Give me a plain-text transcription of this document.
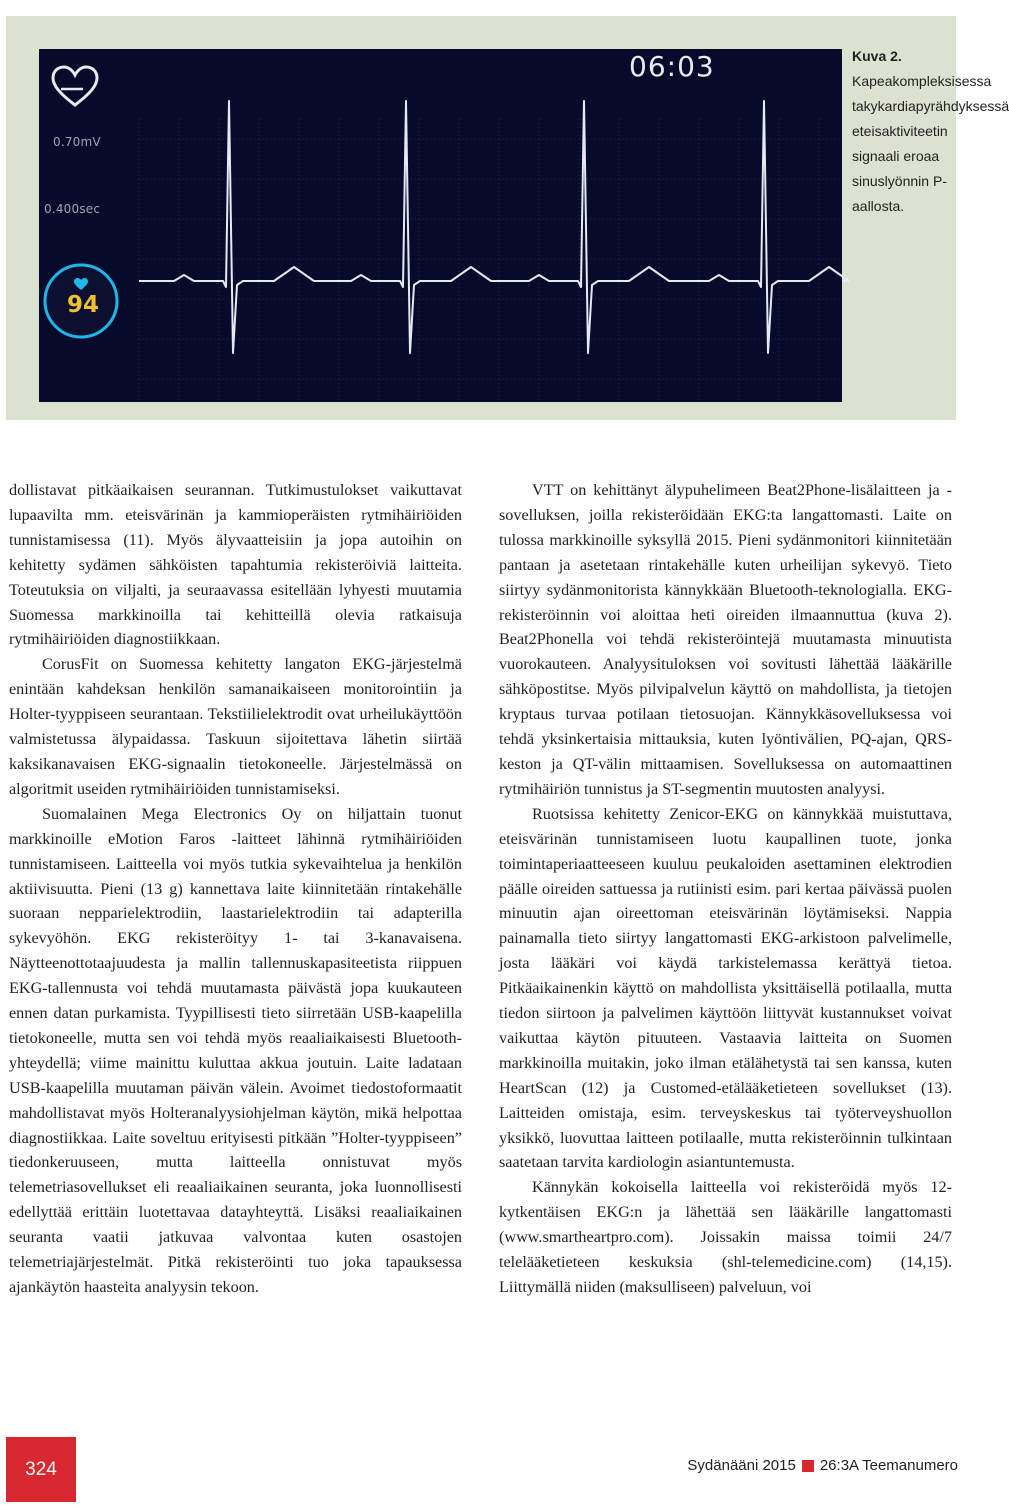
06:03
0.70mV
0.400sec
94
Kuva 2. Kapeakompleksisessa takykardiapyrähdyksessä eteisaktiviteetin signaali eroaa sinuslyönnin P-aallosta.

dollistavat pitkäaikaisen seurannan. Tutkimustulokset vaikuttavat lupaavilta mm. eteisvärinän ja kammioperäisten rytmihäiriöiden tunnistamisessa (11). Myös älyvaatteisiin ja jopa autoihin on kehitetty sydämen sähköisten tapahtumia rekisteröiviä laitteita. Toteutuksia on viljalti, ja seuraavassa esitellään lyhyesti muutamia Suomessa markkinoilla tai kehitteillä olevia ratkaisuja rytmihäiriöiden diagnostiikkaan.

CorusFit on Suomessa kehitetty langaton EKG-järjestelmä enintään kahdeksan henkilön samanaikaiseen monitorointiin ja Holter-tyyppiseen seurantaan. Tekstiilielektrodit ovat urheilukäyttöön valmistetussa älypaidassa. Taskuun sijoitettava lähetin siirtää kaksikanavaisen EKG-signaalin tietokoneelle. Järjestelmässä on algoritmit useiden rytmihäiriöiden tunnistamiseksi.

Suomalainen Mega Electronics Oy on hiljattain tuonut markkinoille eMotion Faros -laitteet lähinnä rytmihäiriöiden tunnistamiseen. Laitteella voi myös tutkia sykevaihtelua ja henkilön aktiivisuutta. Pieni (13 g) kannettava laite kiinnitetään rintakehälle suoraan nepparielektrodiin, laastarielektrodiin tai adapterilla sykevyöhön. EKG rekisteröityy 1- tai 3-kanavaisena. Näytteenottotaajuudesta ja mallin tallennuskapasiteetista riippuen EKG-tallennusta voi tehdä muutamasta päivästä jopa kuukauteen ennen datan purkamista. Tyypillisesti tieto siirretään USB-kaapelilla tietokoneelle, mutta sen voi tehdä myös reaaliaikaisesti Bluetooth-yhteydellä; viime mainittu kuluttaa akkua joutuin. Laite ladataan USB-kaapelilla muutaman päivän välein. Avoimet tiedostoformaatit mahdollistavat myös Holteranalyysiohjelman käytön, mikä helpottaa diagnostiikkaa. Laite soveltuu erityisesti pitkään ”Holter-tyyppiseen” tiedonkeruuseen, mutta laitteella onnistuvat myös telemetriasovellukset eli reaaliaikainen seuranta, joka luonnollisesti edellyttää erittäin luotettavaa datayhteyttä. Lisäksi reaaliaikainen seuranta vaatii jatkuvaa valvontaa kuten osastojen telemetriajärjestelmät. Pitkä rekisteröinti tuo joka tapauksessa ajankäytön haasteita analyysin tekoon.

VTT on kehittänyt älypuhelimeen Beat2Phone-lisälaitteen ja -sovelluksen, joilla rekisteröidään EKG:ta langattomasti. Laite on tulossa markkinoille syksyllä 2015. Pieni sydänmonitori kiinnitetään pantaan ja asetetaan rintakehälle kuten urheilijan sykevyö. Tieto siirtyy sydänmonitorista kännykkään Bluetooth-teknologialla. EKG-rekisteröinnin voi aloittaa heti oireiden ilmaannuttua (kuva 2). Beat2Phonella voi tehdä rekisteröintejä muutamasta minuutista vuorokauteen. Analyysituloksen voi sovitusti lähettää lääkärille sähköpostitse. Myös pilvipalvelun käyttö on mahdollista, ja tietojen kryptaus turvaa potilaan tietosuojan. Kännykkäsovelluksessa voi tehdä yksinkertaisia mittauksia, kuten lyöntivälien, PQ-ajan, QRS-keston ja QT-välin mittaamisen. Sovelluksessa on automaattinen rytmihäiriön tunnistus ja ST-segmentin muutosten analyysi.

Ruotsissa kehitetty Zenicor-EKG on kännykkää muistuttava, eteisvärinän tunnistamiseen luotu kaupallinen tuote, jonka toimintaperiaatteeseen kuuluu peukaloiden asettaminen elektrodien päälle oireiden sattuessa ja rutiinisti esim. pari kertaa päivässä puolen minuutin ajan oireettoman eteisvärinän löytämiseksi. Nappia painamalla tieto siirtyy langattomasti EKG-arkistoon palvelimelle, josta lääkäri voi käydä tarkistelemassa kerättyä tietoa. Pitkäaikainenkin käyttö on mahdollista yksittäisellä potilaalla, mutta tiedon siirtoon ja palvelimen käyttöön liittyvät kustannukset voivat vaikuttaa käytön pituuteen. Vastaavia laitteita on Suomen markkinoilla muitakin, joko ilman etälähetystä tai sen kanssa, kuten HeartScan (12) ja Customed-etälääketieteen sovellukset (13). Laitteiden omistaja, esim. terveyskeskus tai työterveyshuollon yksikkö, luovuttaa laitteen potilaalle, mutta rekisteröinnin tulkintaan saatetaan tarvita kardiologin asiantuntemusta.

Kännykän kokoisella laitteella voi rekisteröidä myös 12-kytkentäisen EKG:n ja lähettää sen lääkärille langattomasti (www.smartheartpro.com). Joissakin maissa toimii 24/7 telelääketieteen keskuksia (shl-telemedicine.com) (14,15). Liittymällä niiden (maksulliseen) palveluun, voi

324	Sydänääni 2015 26:3A Teemanumero
